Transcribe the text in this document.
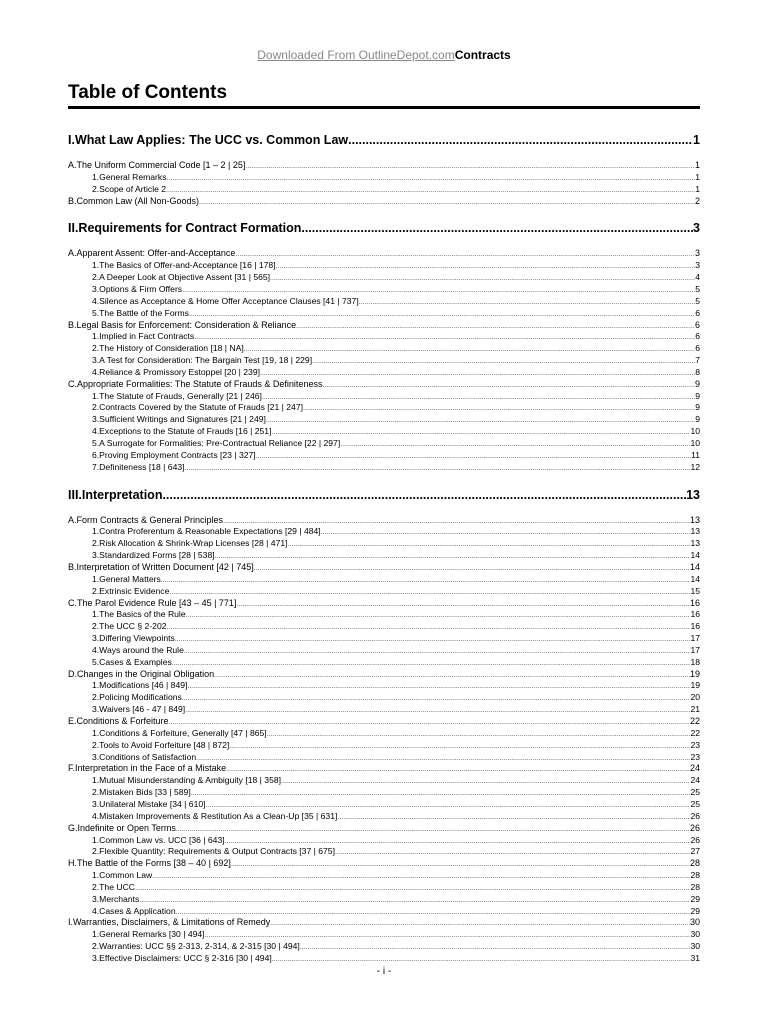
Downloaded From OutlineDepot.comContracts
Table of Contents
I.What Law Applies: The UCC vs. Common Law .....	1
A.The Uniform Commercial Code [1 – 2 | 25] .....	1
1.General Remarks .....	1
2.Scope of Article 2 .....	1
B.Common Law (All Non-Goods) .....	2
II.Requirements for Contract Formation .....	3
A.Apparent Assent: Offer-and-Acceptance .....	3
1.The Basics of Offer-and-Acceptance [16 | 178] .....	3
2.A Deeper Look at Objective Assent [31 | 565] .....	4
3.Options & Firm Offers .....	5
4.Silence as Acceptance & Home Offer Acceptance Clauses [41 | 737] .....	5
5.The Battle of the Forms .....	6
B.Legal Basis for Enforcement: Consideration & Reliance .....	6
1.Implied in Fact Contracts .....	6
2.The History of Consideration [18 | NA] .....	6
3.A Test for Consideration: The Bargain Test [19, 18 | 229] .....	7
4.Reliance & Promissory Estoppel [20 | 239] .....	8
C.Appropriate Formalities: The Statute of Frauds & Definiteness .....	9
1.The Statute of Frauds, Generally [21 | 246] .....	9
2.Contracts Covered by the Statute of Frauds [21 | 247] .....	9
3.Sufficient Writings and Signatures [21 | 249] .....	9
4.Exceptions to the Statute of Frauds [16 | 251] .....	10
5.A Surrogate for Formalities: Pre-Contractual Reliance [22 | 297] .....	10
6.Proving Employment Contracts [23 | 327] .....	11
7.Definiteness [18 | 643] .....	12
III.Interpretation .....	13
A.Form Contracts & General Principles .....	13
1.Contra Proferentum & Reasonable Expectations [29 | 484] .....	13
2.Risk Allocation & Shrink-Wrap Licenses [28 | 471] .....	13
3.Standardized Forms [28 | 538] .....	14
B.Interpretation of Written Document [42 | 745] .....	14
1.General Matters .....	14
2.Extrinsic Evidence .....	15
C.The Parol Evidence Rule [43 – 45 | 771] .....	16
1.The Basics of the Rule .....	16
2.The UCC § 2-202 .....	16
3.Differing Viewpoints .....	17
4.Ways around the Rule .....	17
5.Cases & Examples .....	18
D.Changes in the Original Obligation .....	19
1.Modifications [46 | 849] .....	19
2.Policing Modifications .....	20
3.Waivers [46 - 47 | 849] .....	21
E.Conditions & Forfeiture .....	22
1.Conditions & Forfeiture, Generally [47 | 865] .....	22
2.Tools to Avoid Forfeiture [48 | 872] .....	23
3.Conditions of Satisfaction .....	23
F.Interpretation in the Face of a Mistake .....	24
1.Mutual Misunderstanding & Ambiguity [18 | 358] .....	24
2.Mistaken Bids [33 | 589] .....	25
3.Unilateral Mistake [34 | 610] .....	25
4.Mistaken Improvements & Restitution As a Clean-Up [35 | 631] .....	26
G.Indefinite or Open Terms .....	26
1.Common Law vs. UCC [36 | 643] .....	26
2.Flexible Quantity: Requirements & Output Contracts [37 | 675] .....	27
H.The Battle of the Forms [38 – 40 | 692] .....	28
1.Common Law .....	28
2.The UCC .....	28
3.Merchants .....	29
4.Cases & Application .....	29
I.Warranties, Disclaimers, & Limitations of Remedy .....	30
1.General Remarks [30 | 494] .....	30
2.Warranties: UCC §§ 2-313, 2-314, & 2-315 [30 | 494] .....	30
3.Effective Disclaimers: UCC § 2-316 [30 | 494] .....	31
- i -
